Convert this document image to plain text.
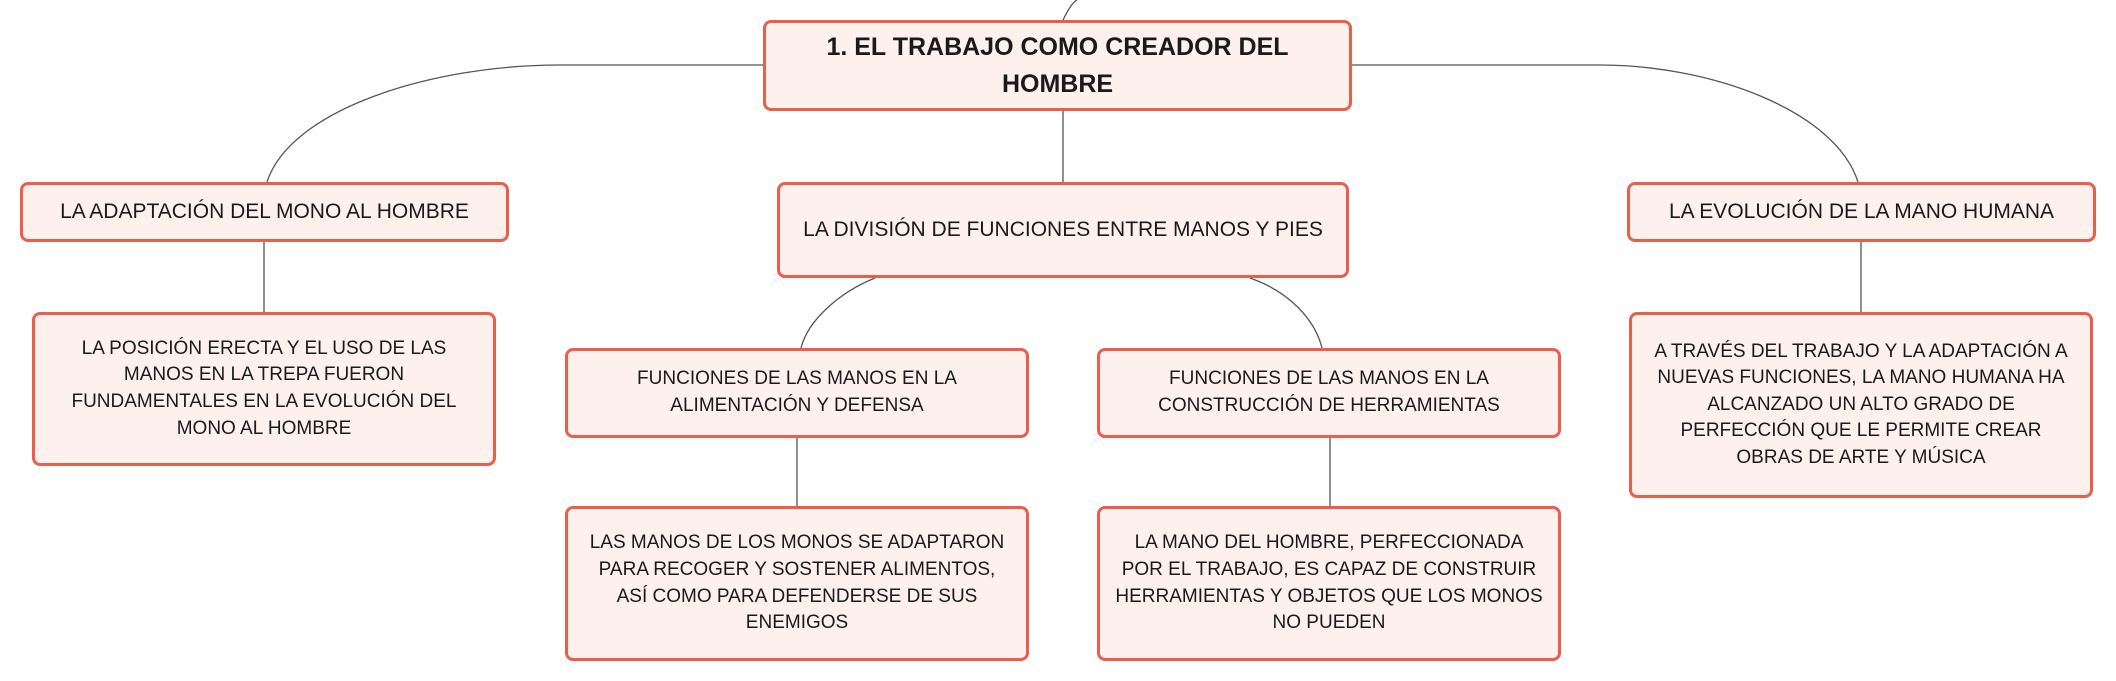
1. EL TRABAJO COMO CREADOR DEL HOMBRE
LA ADAPTACIÓN DEL MONO AL HOMBRE
LA DIVISIÓN DE FUNCIONES ENTRE MANOS Y PIES
LA EVOLUCIÓN DE LA MANO HUMANA
LA POSICIÓN ERECTA Y EL USO DE LAS MANOS EN LA TREPA FUERON FUNDAMENTALES EN LA EVOLUCIÓN DEL MONO AL HOMBRE
FUNCIONES DE LAS MANOS EN LA ALIMENTACIÓN Y DEFENSA
FUNCIONES DE LAS MANOS EN LA CONSTRUCCIÓN DE HERRAMIENTAS
LAS MANOS DE LOS MONOS SE ADAPTARON PARA RECOGER Y SOSTENER ALIMENTOS, ASÍ COMO PARA DEFENDERSE DE SUS ENEMIGOS
LA MANO DEL HOMBRE, PERFECCIONADA POR EL TRABAJO, ES CAPAZ DE CONSTRUIR HERRAMIENTAS Y OBJETOS QUE LOS MONOS NO PUEDEN
A TRAVÉS DEL TRABAJO Y LA ADAPTACIÓN A NUEVAS FUNCIONES, LA MANO HUMANA HA ALCANZADO UN ALTO GRADO DE PERFECCIÓN QUE LE PERMITE CREAR OBRAS DE ARTE Y MÚSICA
